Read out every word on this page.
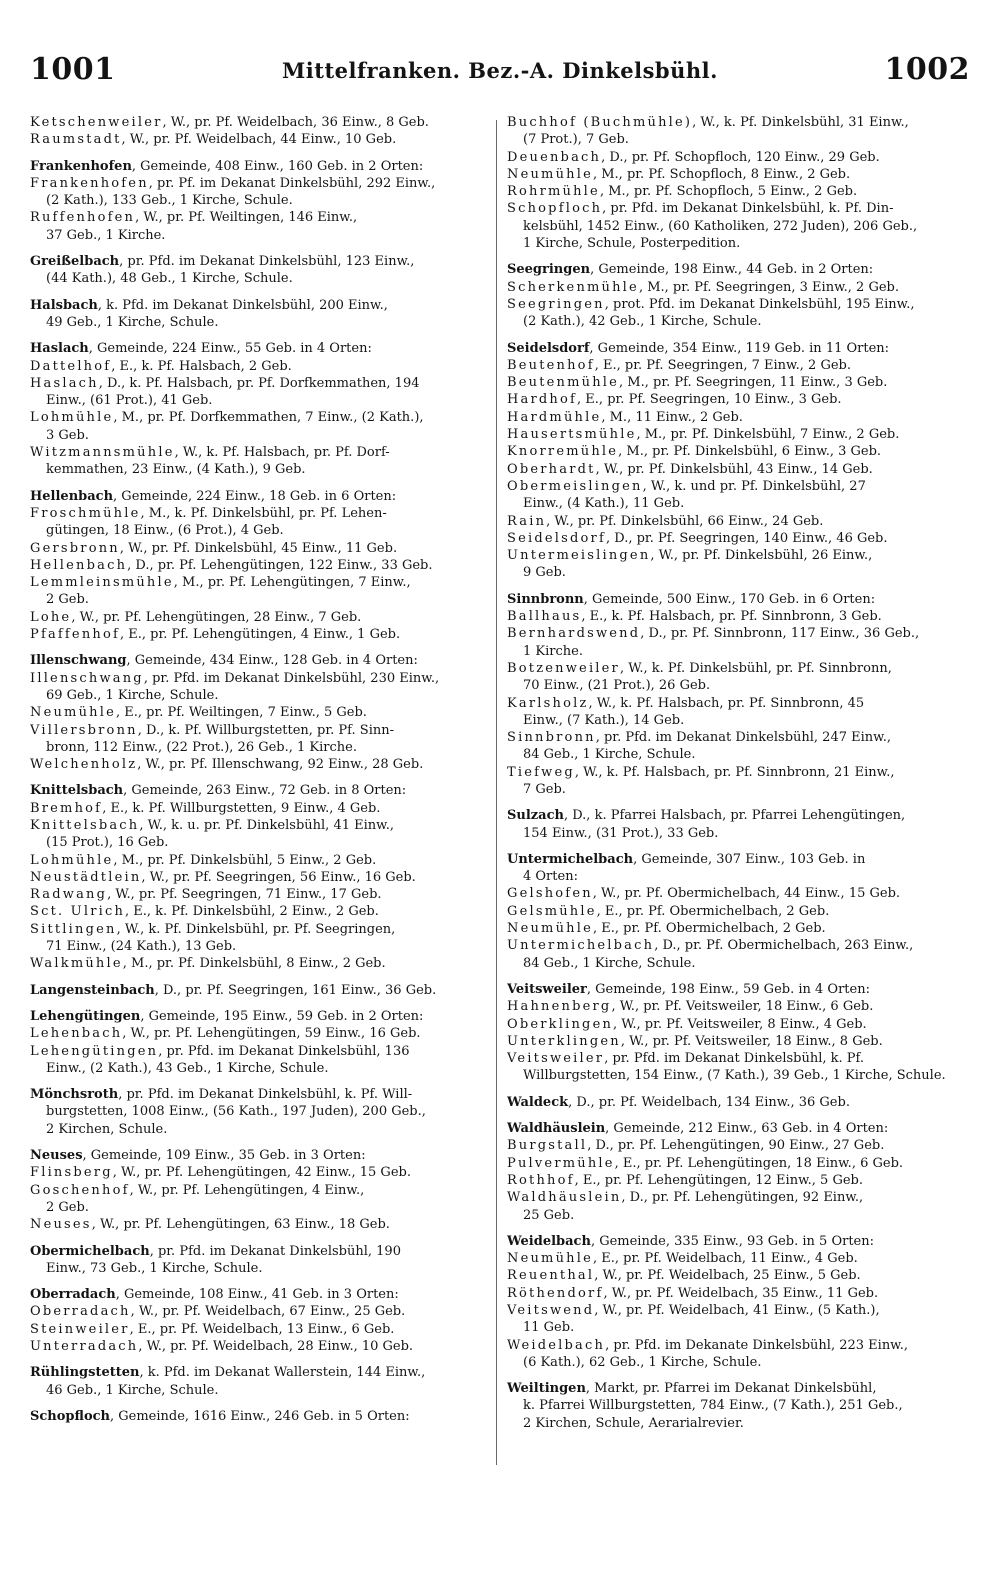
1001	Mittelfranken. Bez.-A. Dinkelsbühl.	1002
Ketschenweiler, W., pr. Pf. Weidelbach, 36 Einw., 8 Geb.
Raumstadt, W., pr. Pf. Weidelbach, 44 Einw., 10 Geb.
Frankenhofen, Gemeinde, 408 Einw., 160 Geb. in 2 Orten:
Frankenhofen, pr. Pf. im Dekanat Dinkelsbühl, 292 Einw.,
(2 Kath.), 133 Geb., 1 Kirche, Schule.
Ruffenhofen, W., pr. Pf. Weiltingen, 146 Einw.,
37 Geb., 1 Kirche.
Greißelbach, pr. Pfd. im Dekanat Dinkelsbühl, 123 Einw.,
(44 Kath.), 48 Geb., 1 Kirche, Schule.
Halsbach, k. Pfd. im Dekanat Dinkelsbühl, 200 Einw.,
49 Geb., 1 Kirche, Schule.
Haslach, Gemeinde, 224 Einw., 55 Geb. in 4 Orten:
Dattelhof, E., k. Pf. Halsbach, 2 Geb.
Haslach, D., k. Pf. Halsbach, pr. Pf. Dorfkemmathen, 194
Einw., (61 Prot.), 41 Geb.
Lohmühle, M., pr. Pf. Dorfkemmathen, 7 Einw., (2 Kath.),
3 Geb.
Witzmannsmühle, W., k. Pf. Halsbach, pr. Pf. Dorf-
kemmathen, 23 Einw., (4 Kath.), 9 Geb.
Hellenbach, Gemeinde, 224 Einw., 18 Geb. in 6 Orten:
Froschmühle, M., k. Pf. Dinkelsbühl, pr. Pf. Lehen-
gütingen, 18 Einw., (6 Prot.), 4 Geb.
Gersbronn, W., pr. Pf. Dinkelsbühl, 45 Einw., 11 Geb.
Hellenbach, D., pr. Pf. Lehengütingen, 122 Einw., 33 Geb.
Lemmleinsmühle, M., pr. Pf. Lehengütingen, 7 Einw.,
2 Geb.
Lohe, W., pr. Pf. Lehengütingen, 28 Einw., 7 Geb.
Pfaffenhof, E., pr. Pf. Lehengütingen, 4 Einw., 1 Geb.
Illenschwang, Gemeinde, 434 Einw., 128 Geb. in 4 Orten:
Illenschwang, pr. Pfd. im Dekanat Dinkelsbühl, 230 Einw.,
69 Geb., 1 Kirche, Schule.
Neumühle, E., pr. Pf. Weiltingen, 7 Einw., 5 Geb.
Villersbronn, D., k. Pf. Willburgstetten, pr. Pf. Sinn-
bronn, 112 Einw., (22 Prot.), 26 Geb., 1 Kirche.
Welchenholz, W., pr. Pf. Illenschwang, 92 Einw., 28 Geb.
Knittelsbach, Gemeinde, 263 Einw., 72 Geb. in 8 Orten:
Bremhof, E., k. Pf. Willburgstetten, 9 Einw., 4 Geb.
Knittelsbach, W., k. u. pr. Pf. Dinkelsbühl, 41 Einw.,
(15 Prot.), 16 Geb.
Lohmühle, M., pr. Pf. Dinkelsbühl, 5 Einw., 2 Geb.
Neustädtlein, W., pr. Pf. Seegringen, 56 Einw., 16 Geb.
Radwang, W., pr. Pf. Seegringen, 71 Einw., 17 Geb.
Sct. Ulrich, E., k. Pf. Dinkelsbühl, 2 Einw., 2 Geb.
Sittlingen, W., k. Pf. Dinkelsbühl, pr. Pf. Seegringen,
71 Einw., (24 Kath.), 13 Geb.
Walkmühle, M., pr. Pf. Dinkelsbühl, 8 Einw., 2 Geb.
Langensteinbach, D., pr. Pf. Seegringen, 161 Einw., 36 Geb.
Lehengütingen, Gemeinde, 195 Einw., 59 Geb. in 2 Orten:
Lehenbach, W., pr. Pf. Lehengütingen, 59 Einw., 16 Geb.
Lehengütingen, pr. Pfd. im Dekanat Dinkelsbühl, 136
Einw., (2 Kath.), 43 Geb., 1 Kirche, Schule.
Mönchsroth, pr. Pfd. im Dekanat Dinkelsbühl, k. Pf. Will-
burgstetten, 1008 Einw., (56 Kath., 197 Juden), 200 Geb.,
2 Kirchen, Schule.
Neuses, Gemeinde, 109 Einw., 35 Geb. in 3 Orten:
Flinsberg, W., pr. Pf. Lehengütingen, 42 Einw., 15 Geb.
Goschenhof, W., pr. Pf. Lehengütingen, 4 Einw.,
2 Geb.
Neuses, W., pr. Pf. Lehengütingen, 63 Einw., 18 Geb.
Obermichelbach, pr. Pfd. im Dekanat Dinkelsbühl, 190
Einw., 73 Geb., 1 Kirche, Schule.
Oberradach, Gemeinde, 108 Einw., 41 Geb. in 3 Orten:
Oberradach, W., pr. Pf. Weidelbach, 67 Einw., 25 Geb.
Steinweiler, E., pr. Pf. Weidelbach, 13 Einw., 6 Geb.
Unterradach, W., pr. Pf. Weidelbach, 28 Einw., 10 Geb.
Rühlingstetten, k. Pfd. im Dekanat Wallerstein, 144 Einw.,
46 Geb., 1 Kirche, Schule.
Schopfloch, Gemeinde, 1616 Einw., 246 Geb. in 5 Orten:
Buchhof (Buchmühle), W., k. Pf. Dinkelsbühl, 31 Einw.,
(7 Prot.), 7 Geb.
Deuenbach, D., pr. Pf. Schopfloch, 120 Einw., 29 Geb.
Neumühle, M., pr. Pf. Schopfloch, 8 Einw., 2 Geb.
Rohrmühle, M., pr. Pf. Schopfloch, 5 Einw., 2 Geb.
Schopfloch, pr. Pfd. im Dekanat Dinkelsbühl, k. Pf. Din-
kelsbühl, 1452 Einw., (60 Katholiken, 272 Juden), 206 Geb.,
1 Kirche, Schule, Posterpedition.
Seegringen, Gemeinde, 198 Einw., 44 Geb. in 2 Orten:
Scherkenmühle, M., pr. Pf. Seegringen, 3 Einw., 2 Geb.
Seegringen, prot. Pfd. im Dekanat Dinkelsbühl, 195 Einw.,
(2 Kath.), 42 Geb., 1 Kirche, Schule.
Seidelsdorf, Gemeinde, 354 Einw., 119 Geb. in 11 Orten:
Beutenhof, E., pr. Pf. Seegringen, 7 Einw., 2 Geb.
Beutenmühle, M., pr. Pf. Seegringen, 11 Einw., 3 Geb.
Hardhof, E., pr. Pf. Seegringen, 10 Einw., 3 Geb.
Hardmühle, M., 11 Einw., 2 Geb.
Hausertsmühle, M., pr. Pf. Dinkelsbühl, 7 Einw., 2 Geb.
Knorremühle, M., pr. Pf. Dinkelsbühl, 6 Einw., 3 Geb.
Oberhardt, W., pr. Pf. Dinkelsbühl, 43 Einw., 14 Geb.
Obermeislingen, W., k. und pr. Pf. Dinkelsbühl, 27
Einw., (4 Kath.), 11 Geb.
Rain, W., pr. Pf. Dinkelsbühl, 66 Einw., 24 Geb.
Seidelsdorf, D., pr. Pf. Seegringen, 140 Einw., 46 Geb.
Untermeislingen, W., pr. Pf. Dinkelsbühl, 26 Einw.,
9 Geb.
Sinnbronn, Gemeinde, 500 Einw., 170 Geb. in 6 Orten:
Ballhaus, E., k. Pf. Halsbach, pr. Pf. Sinnbronn, 3 Geb.
Bernhardswend, D., pr. Pf. Sinnbronn, 117 Einw., 36 Geb.,
1 Kirche.
Botzenweiler, W., k. Pf. Dinkelsbühl, pr. Pf. Sinnbronn,
70 Einw., (21 Prot.), 26 Geb.
Karlsholz, W., k. Pf. Halsbach, pr. Pf. Sinnbronn, 45
Einw., (7 Kath.), 14 Geb.
Sinnbronn, pr. Pfd. im Dekanat Dinkelsbühl, 247 Einw.,
84 Geb., 1 Kirche, Schule.
Tiefweg, W., k. Pf. Halsbach, pr. Pf. Sinnbronn, 21 Einw.,
7 Geb.
Sulzach, D., k. Pfarrei Halsbach, pr. Pfarrei Lehengütingen,
154 Einw., (31 Prot.), 33 Geb.
Untermichelbach, Gemeinde, 307 Einw., 103 Geb. in
4 Orten:
Gelshofen, W., pr. Pf. Obermichelbach, 44 Einw., 15 Geb.
Gelsmühle, E., pr. Pf. Obermichelbach, 2 Geb.
Neumühle, E., pr. Pf. Obermichelbach, 2 Geb.
Untermichelbach, D., pr. Pf. Obermichelbach, 263 Einw.,
84 Geb., 1 Kirche, Schule.
Veitsweiler, Gemeinde, 198 Einw., 59 Geb. in 4 Orten:
Hahnenberg, W., pr. Pf. Veitsweiler, 18 Einw., 6 Geb.
Oberklingen, W., pr. Pf. Veitsweiler, 8 Einw., 4 Geb.
Unterklingen, W., pr. Pf. Veitsweiler, 18 Einw., 8 Geb.
Veitsweiler, pr. Pfd. im Dekanat Dinkelsbühl, k. Pf.
Willburgstetten, 154 Einw., (7 Kath.), 39 Geb., 1 Kirche, Schule.
Waldeck, D., pr. Pf. Weidelbach, 134 Einw., 36 Geb.
Waldhäuslein, Gemeinde, 212 Einw., 63 Geb. in 4 Orten:
Burgstall, D., pr. Pf. Lehengütingen, 90 Einw., 27 Geb.
Pulvermühle, E., pr. Pf. Lehengütingen, 18 Einw., 6 Geb.
Rothhof, E., pr. Pf. Lehengütingen, 12 Einw., 5 Geb.
Waldhäuslein, D., pr. Pf. Lehengütingen, 92 Einw.,
25 Geb.
Weidelbach, Gemeinde, 335 Einw., 93 Geb. in 5 Orten:
Neumühle, E., pr. Pf. Weidelbach, 11 Einw., 4 Geb.
Reuenthal, W., pr. Pf. Weidelbach, 25 Einw., 5 Geb.
Röthendorf, W., pr. Pf. Weidelbach, 35 Einw., 11 Geb.
Veitswend, W., pr. Pf. Weidelbach, 41 Einw., (5 Kath.),
11 Geb.
Weidelbach, pr. Pfd. im Dekanate Dinkelsbühl, 223 Einw.,
(6 Kath.), 62 Geb., 1 Kirche, Schule.
Weiltingen, Markt, pr. Pfarrei im Dekanat Dinkelsbühl,
k. Pfarrei Willburgstetten, 784 Einw., (7 Kath.), 251 Geb.,
2 Kirchen, Schule, Aerarialrevier.
